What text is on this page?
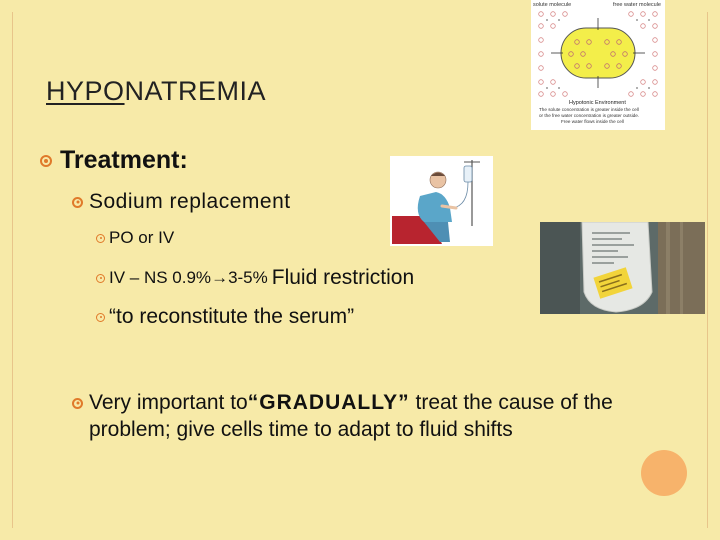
HYPONATREMIA
Treatment:
Sodium replacement
PO or IV
IV – NS 0.9% → 3-5% Fluid restriction
“to reconstitute the serum”
Very important to“GRADUALLY” treat the cause of the
problem; give cells time to adapt to fluid shifts
solute molecule	free water molecule
Hypotonic Environment
The solute concentration is greater inside the cell
or the free water concentration is greater outside.
Free water flows inside the cell
